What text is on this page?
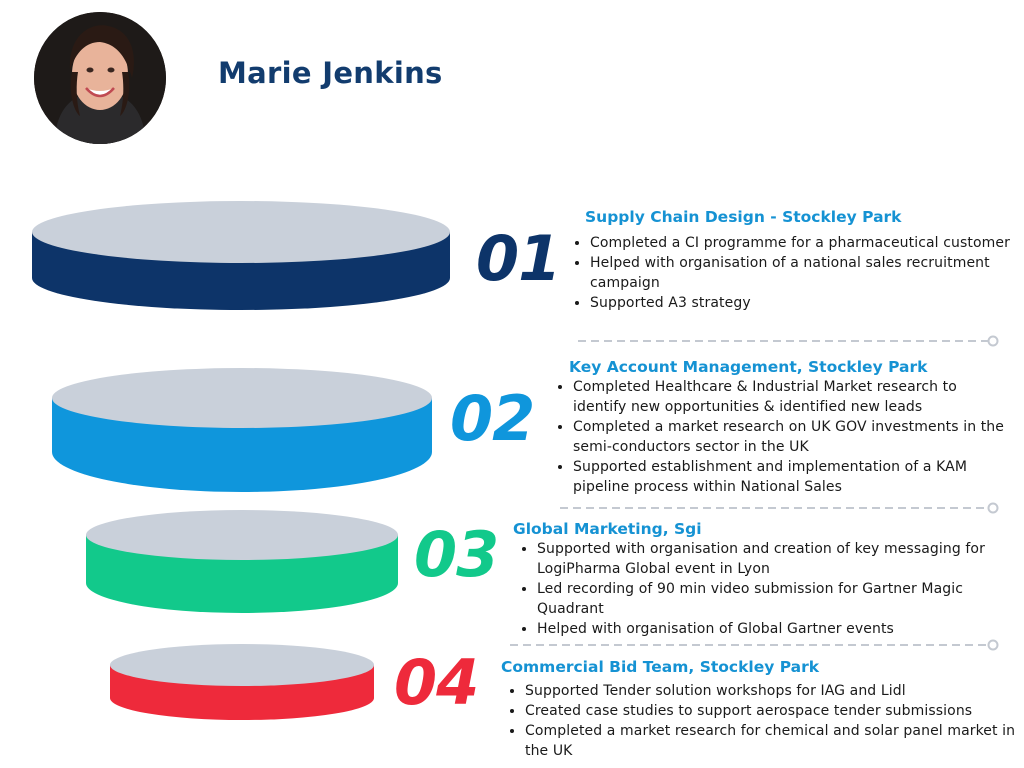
Marie Jenkins
01
02
03
04
Supply Chain Design - Stockley Park
• Completed a CI programme for a pharmaceutical customer
• Helped with organisation of a national sales recruitment campaign
• Supported A3 strategy
Key Account Management, Stockley Park
• Completed Healthcare & Industrial Market research to identify new opportunities & identified new leads
• Completed a market research on UK GOV investments in the semi-conductors sector in the UK
• Supported establishment and implementation of a KAM pipeline process within National Sales
Global Marketing, Sgi
• Supported with organisation and creation of key messaging for LogiPharma Global event in Lyon
• Led recording of 90 min video submission for Gartner Magic Quadrant
• Helped with organisation of Global Gartner events
Commercial Bid Team, Stockley Park
• Supported Tender solution workshops for IAG and Lidl
• Created case studies to support aerospace tender submissions
• Completed a market research for chemical and solar panel market in the UK
